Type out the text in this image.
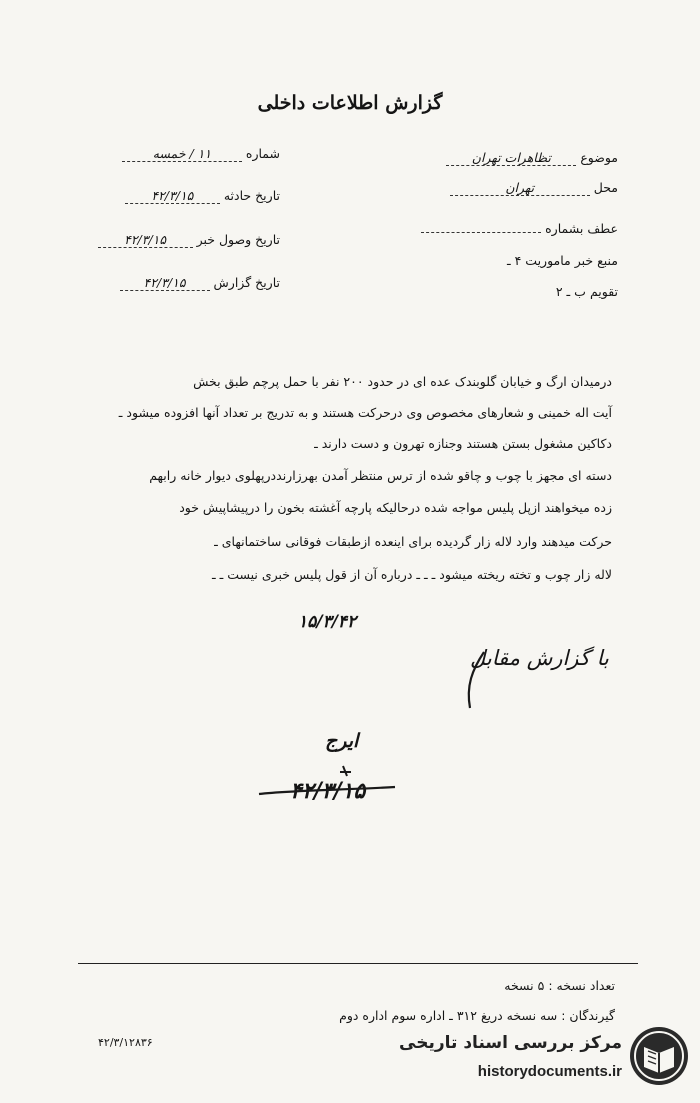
گزارش اطلاعات داخلی
شماره ۱۱ / خمسه
تاریخ حادثه ۴۲/۳/۱۵
تاریخ وصول خبر ۴۲/۳/۱۵
تاریخ گزارش ۴۲/۳/۱۵
موضوع تظاهرات تهران
محل تهران
عطف بشماره
منبع خبر ماموریت ۴ ـ
تقویم ب ـ ۲
درمیدان ارگ و خیابان گلوبندک عده ای در حدود ۲۰۰ نفر با حمل پرچم طبق بخش
آیت اله خمینی و شعارهای مخصوص وی درحرکت هستند و به تدریج بر تعداد آنها افزوده میشود ـ
دکاکین مشغول بستن هستند وجنازه تهرون و دست دارند ـ
دسته ای مجهز با چوب و چاقو شده از ترس منتظر آمدن بهرزارنددرپهلوی دیوار خانه رابهم
زده میخواهند ازپل پلیس مواجه شده درحالیکه پارچه آغشته بخون را درپیشاپیش خود
حرکت میدهند وارد لاله زار گردیده برای اینعده ازطبقات فوقانی ساختمانهای ـ
لاله زار چوب و تخته ریخته میشود ـ ـ ـ درباره آن از قول پلیس خبری نیست ـ ـ
۱۵/۳/۴۲
با گزارش مقابل
ایرج
۴۲/۳/۱۵
تعداد نسخه : ۵ نسخه
گیرندگان : سه نسخه دریغ ۳۱۲ ـ اداره سوم اداره دوم
۴۲/۳/۱۲۸۳۶	مرکز بررسی اسناد تاریخی
historydocuments.ir
